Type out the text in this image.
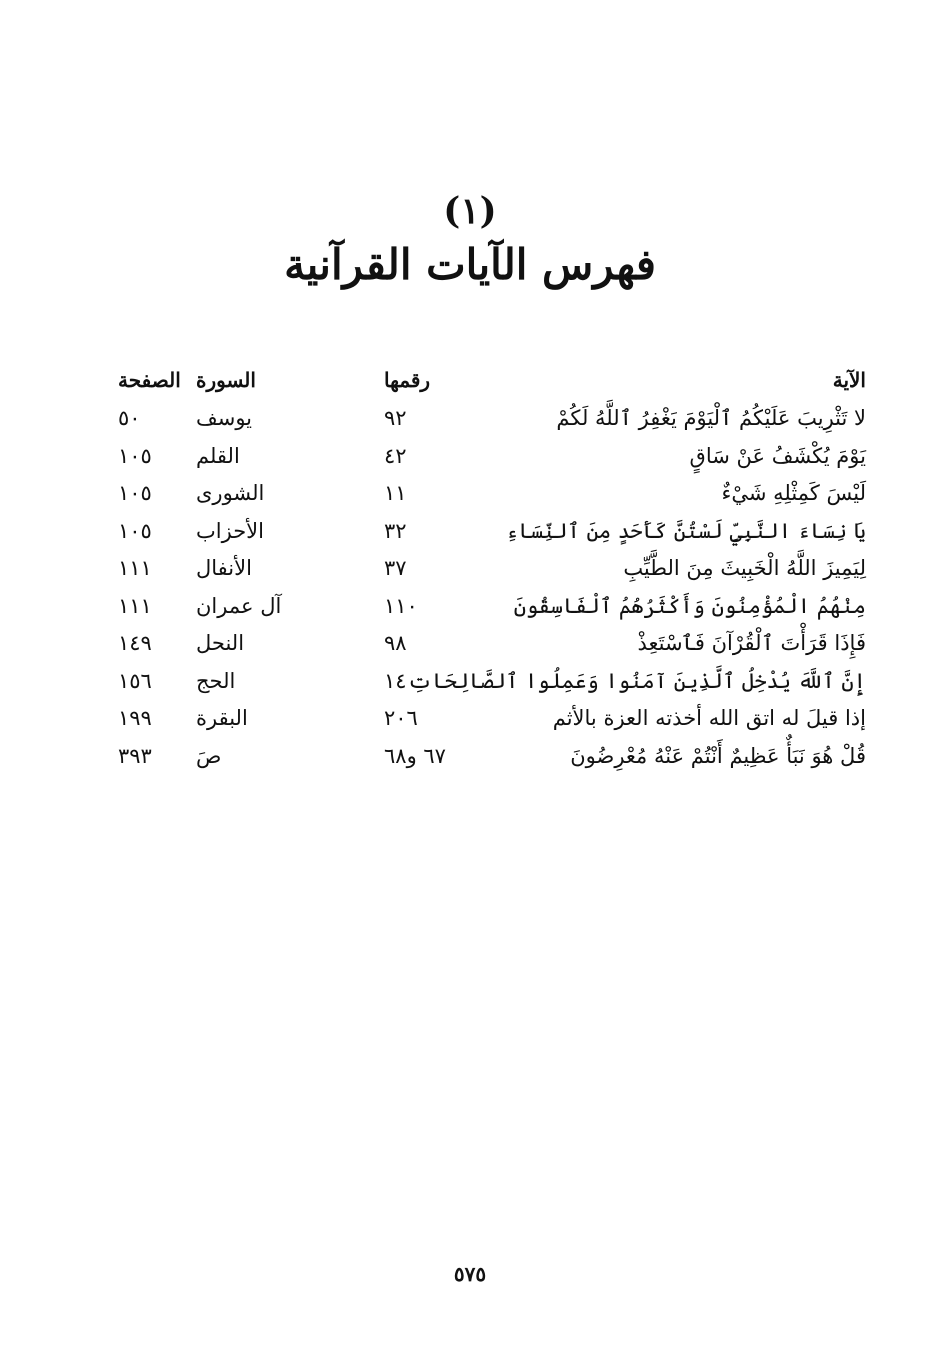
(١)
فهرس الآيات القرآنية
الآية
رقمها
السورة
الصفحة
لا تَثْرِيبَ عَلَيْكُمُ ٱلْيَوْمَ يَغْفِرُ ٱللَّهُ لَكُمْ
٩٢
يوسف
٥٠
يَوْمَ يُكْشَفُ عَنْ سَاقٍ
٤٢
القلم
١٠٥
لَيْسَ كَمِثْلِهِ شَيْءٌ
١١
الشورى
١٠٥
يَا نِسَاءَ النَّبِيِّ لَسْتُنَّ كَأَحَدٍ مِنَ ٱلنِّسَاءِ
٣٢
الأحزاب
١٠٥
لِيَمِيزَ اللَّهُ الْخَبِيثَ مِنَ الطَّيِّبِ
٣٧
الأنفال
١١١
مِنْهُمُ الْمُؤْمِنُونَ وَأَكْثَرُهُمُ ٱلْفَاسِقُونَ
١١٠
آل عمران
١١١
فَإِذَا قَرَأْتَ ٱلْقُرْآنَ فَٱسْتَعِذْ
٩٨
النحل
١٤٩
إِنَّ ٱللَّهَ يُدْخِلُ ٱلَّذِينَ آمَنُوا وَعَمِلُوا ٱلصَّالِحَاتِ
١٤
الحج
١٥٦
إذا قيلَ له اتق الله أخذته العزة بالأثم
٢٠٦
البقرة
١٩٩
قُلْ هُوَ نَبَأٌ عَظِيمٌ أَنْتُمْ عَنْهُ مُعْرِضُونَ
٦٧ و٦٨
صَ
٣٩٣
٥٧٥
